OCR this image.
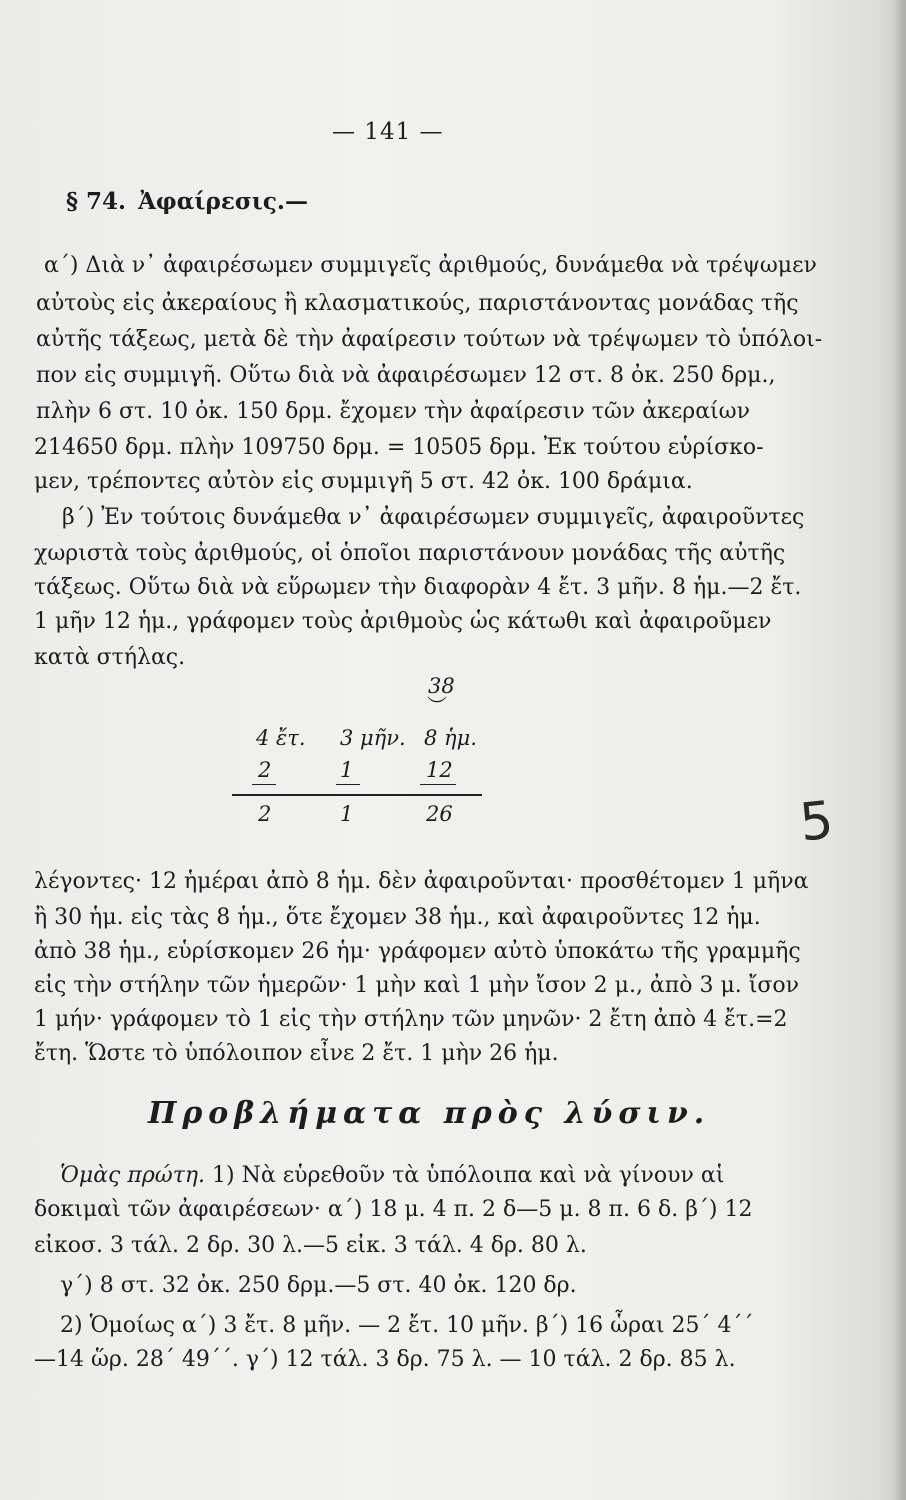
— 141 —
§ 74. Ἀφαίρεσις.—
α΄) Διὰ ν᾿ ἀφαιρέσωμεν συμμιγεῖς ἀριθμούς, δυνάμεθα νὰ τρέψωμεν
αὐτοὺς εἰς ἀκεραίους ἢ κλασματικούς, παριστάνοντας μονάδας τῆς
αὐτῆς τάξεως, μετὰ δὲ τὴν ἀφαίρεσιν τούτων νὰ τρέψωμεν τὸ ὑπόλοι-
πον εἰς συμμιγῆ. Οὕτω διὰ νὰ ἀφαιρέσωμεν 12 στ. 8 ὀκ. 250 δρμ.,
πλὴν 6 στ. 10 ὀκ. 150 δρμ. ἔχομεν τὴν ἀφαίρεσιν τῶν ἀκεραίων
214650 δρμ. πλὴν 109750 δρμ. = 10505 δρμ. Ἐκ τούτου εὑρίσκο-
μεν, τρέποντες αὐτὸν εἰς συμμιγῆ 5 στ. 42 ὀκ. 100 δράμια.
β΄) Ἐν τούτοις δυνάμεθα ν᾿ ἀφαιρέσωμεν συμμιγεῖς, ἀφαιροῦντες
χωριστὰ τοὺς ἀριθμούς, οἱ ὁποῖοι παριστάνουν μονάδας τῆς αὐτῆς
τάξεως. Οὕτω διὰ νὰ εὕρωμεν τὴν διαφορὰν 4 ἔτ. 3 μῆν. 8 ἡμ.—2 ἔτ.
1 μῆν 12 ἡμ., γράφομεν τοὺς ἀριθμοὺς ὡς κάτωθι καὶ ἀφαιροῦμεν
κατὰ στήλας.
38
︶
4 ἔτ. 3 μῆν. 8 ἡμ.
2	1	12
2	1	26	5
λέγοντες· 12 ἡμέραι ἀπὸ 8 ἡμ. δὲν ἀφαιροῦνται· προσθέτομεν 1 μῆνα
ἢ 30 ἡμ. εἰς τὰς 8 ἡμ., ὅτε ἔχομεν 38 ἡμ., καὶ ἀφαιροῦντες 12 ἡμ.
ἀπὸ 38 ἡμ., εὑρίσκομεν 26 ἡμ· γράφομεν αὐτὸ ὑποκάτω τῆς γραμμῆς
εἰς τὴν στήλην τῶν ἡμερῶν· 1 μὴν καὶ 1 μὴν ἴσον 2 μ., ἀπὸ 3 μ. ἴσον
1 μήν· γράφομεν τὸ 1 εἰς τὴν στήλην τῶν μηνῶν· 2 ἔτη ἀπὸ 4 ἔτ.=2
ἔτη. Ὥστε τὸ ὑπόλοιπον εἶνε 2 ἔτ. 1 μὴν 26 ἡμ.
Προβλήματα πρὸς λύσιν.
Ὁμὰς πρώτη. 1) Νὰ εὑρεθοῦν τὰ ὑπόλοιπα καὶ νὰ γίνουν αἱ
δοκιμαὶ τῶν ἀφαιρέσεων· α΄) 18 μ. 4 π. 2 δ—5 μ. 8 π. 6 δ. β΄) 12
εἰκοσ. 3 τάλ. 2 δρ. 30 λ.—5 εἰκ. 3 τάλ. 4 δρ. 80 λ.
γ΄) 8 στ. 32 ὀκ. 250 δρμ.—5 στ. 40 ὀκ. 120 δρ.
2) Ὁμοίως α΄) 3 ἔτ. 8 μῆν. — 2 ἔτ. 10 μῆν. β΄) 16 ὧραι 25΄ 4΄΄
—14 ὥρ. 28΄ 49΄΄. γ΄) 12 τάλ. 3 δρ. 75 λ. — 10 τάλ. 2 δρ. 85 λ.
